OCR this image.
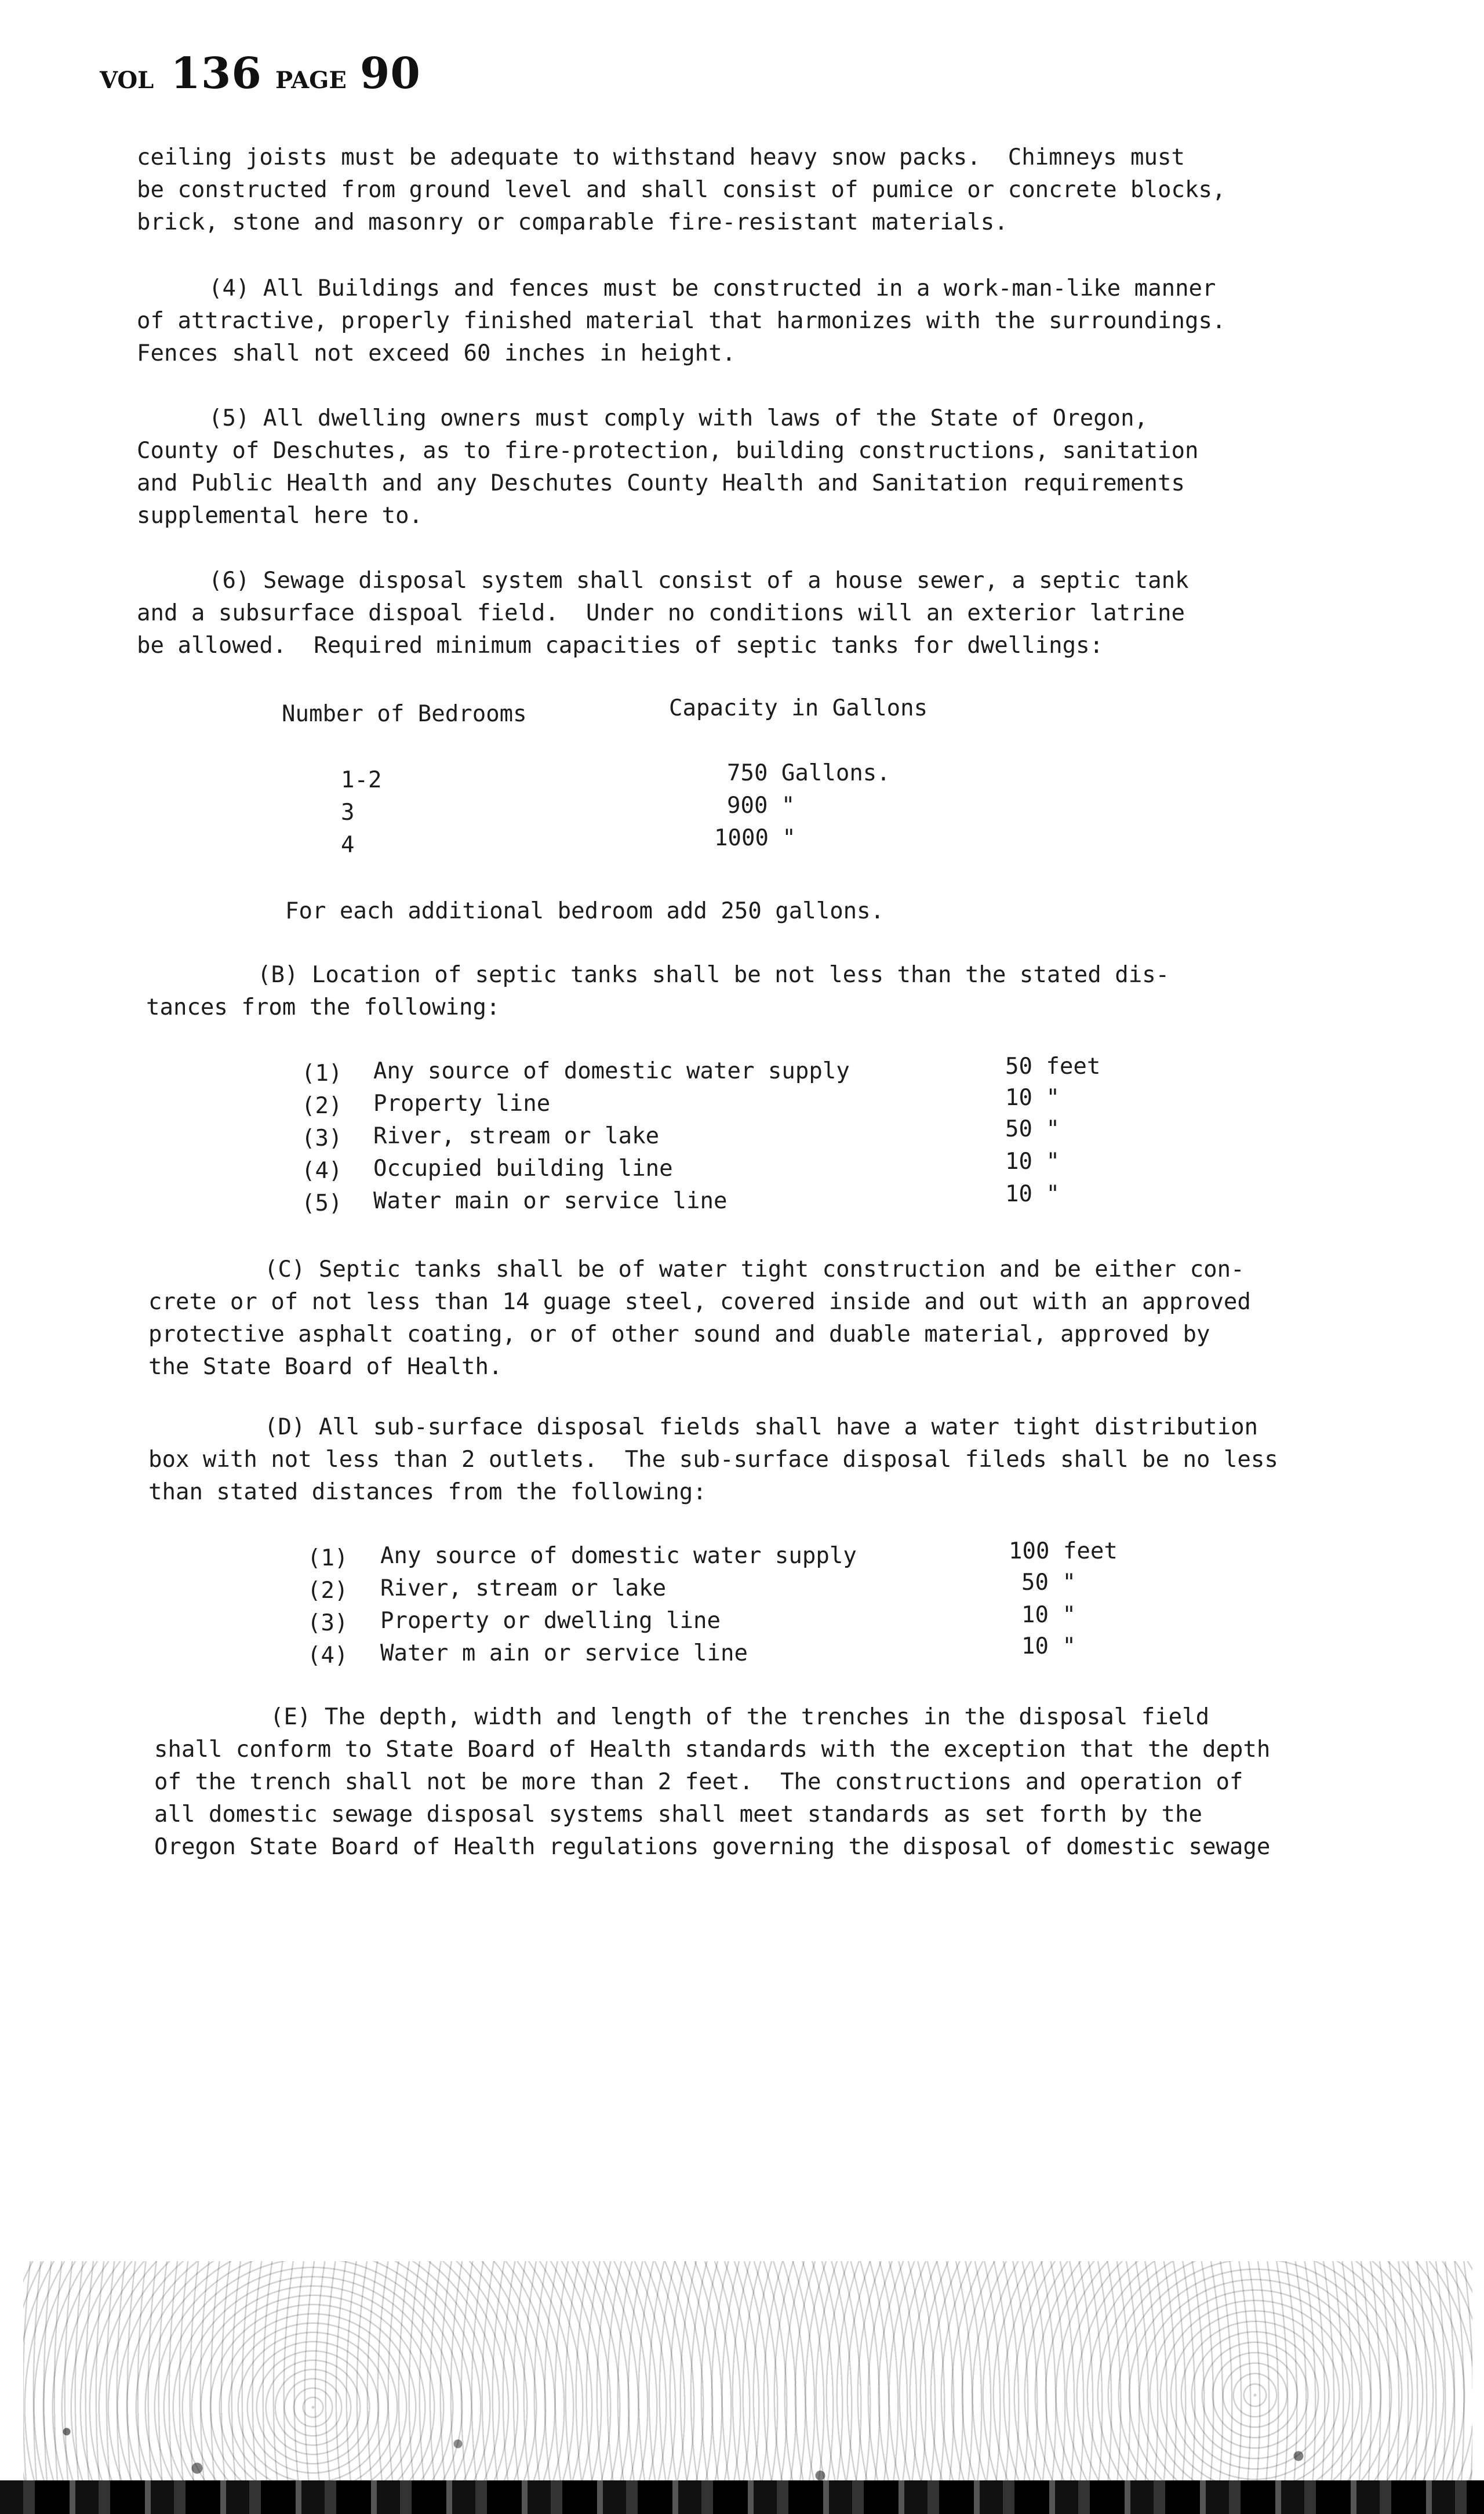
VOL 136 PAGE 90
ceiling joists must be adequate to withstand heavy snow packs.  Chimneys must
be constructed from ground level and shall consist of pumice or concrete blocks,
brick, stone and masonry or comparable fire-resistant materials.
(4) All Buildings and fences must be constructed in a work-man-like manner
of attractive, properly finished material that harmonizes with the surroundings.
Fences shall not exceed 60 inches in height.
(5) All dwelling owners must comply with laws of the State of Oregon,
County of Deschutes, as to fire-protection, building constructions, sanitation
and Public Health and any Deschutes County Health and Sanitation requirements
supplemental here to.
(6) Sewage disposal system shall consist of a house sewer, a septic tank
and a subsurface dispoal field.  Under no conditions will an exterior latrine
be allowed.  Required minimum capacities of septic tanks for dwellings:
Number of Bedrooms	Capacity in Gallons
1-2	750 Gallons.
3	900 "
4	1000 "
For each additional bedroom add 250 gallons.
(B) Location of septic tanks shall be not less than the stated dis-
tances from the following:
(1) Any source of domestic water supply	50 feet
(2) Property line	10 "
(3) River, stream or lake	50 "
(4) Occupied building line	10 "
(5) Water main or service line	10 "
(C) Septic tanks shall be of water tight construction and be either con-
crete or of not less than 14 guage steel, covered inside and out with an approved
protective asphalt coating, or of other sound and duable material, approved by
the State Board of Health.
(D) All sub-surface disposal fields shall have a water tight distribution
box with not less than 2 outlets.  The sub-surface disposal fileds shall be no less
than stated distances from the following:
(1) Any source of domestic water supply	100 feet
(2) River, stream or lake	50 "
(3) Property or dwelling line	10 "
(4) Water m ain or service line	10 "
(E) The depth, width and length of the trenches in the disposal field
shall conform to State Board of Health standards with the exception that the depth
of the trench shall not be more than 2 feet.  The constructions and operation of
all domestic sewage disposal systems shall meet standards as set forth by the
Oregon State Board of Health regulations governing the disposal of domestic sewage
